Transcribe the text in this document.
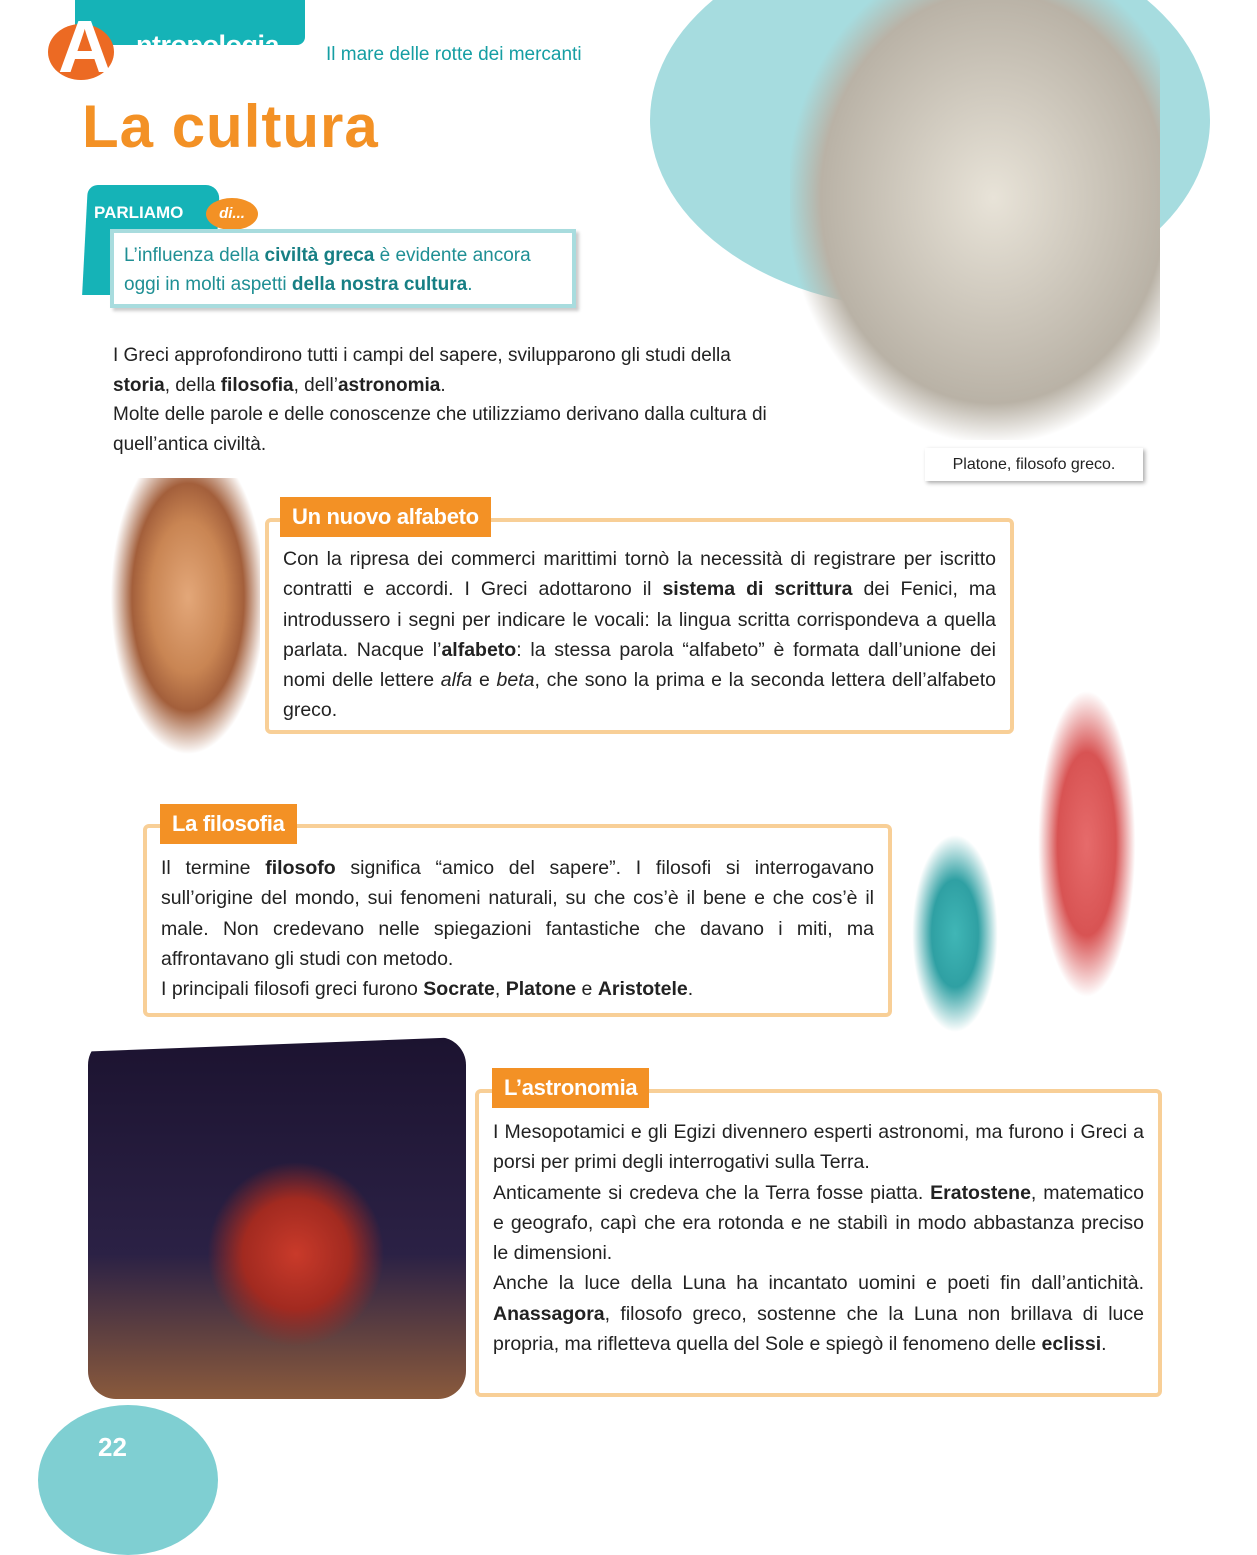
A ntropologia Il mare delle rotte dei mercanti
La cultura
PARLIAMO	di...
L’influenza della civiltà greca è evidente ancora oggi in molti aspetti della nostra cultura.
I Greci approfondirono tutti i campi del sapere, svilupparono gli studi della storia, della filosofia, dell’astronomia.
Molte delle parole e delle conoscenze che utilizziamo derivano dalla cultura di quell’antica civiltà.
Platone, filosofo greco.
Con la ripresa dei commerci marittimi tornò la necessità di registrare per iscritto contratti e accordi. I Greci adottarono il sistema di scrittura dei Fenici, ma introdussero i segni per indicare le vocali: la lingua scritta corrispondeva a quella parlata. Nacque l’alfabeto: la stessa parola “alfabeto” è formata dall’unione dei nomi delle lettere alfa e beta, che sono la prima e la seconda lettera dell’alfabeto greco.
Un nuovo alfabeto
Il termine filosofo significa “amico del sapere”. I filosofi si interrogavano sull’origine del mondo, sui fenomeni naturali, su che cos’è il bene e che cos’è il male. Non credevano nelle spiegazioni fantastiche che davano i miti, ma affrontavano gli studi con metodo.
I principali filosofi greci furono Socrate, Platone e Aristotele.
La filosofia
I Mesopotamici e gli Egizi divennero esperti astronomi, ma furono i Greci a porsi per primi degli interrogativi sulla Terra.
Anticamente si credeva che la Terra fosse piatta. Eratostene, matematico e geografo, capì che era rotonda e ne stabilì in modo abbastanza preciso le dimensioni.
Anche la luce della Luna ha incantato uomini e poeti fin dall’antichità. Anassagora, filosofo greco, sostenne che la Luna non brillava di luce propria, ma rifletteva quella del Sole e spiegò il fenomeno delle eclissi.
L’astronomia
22
